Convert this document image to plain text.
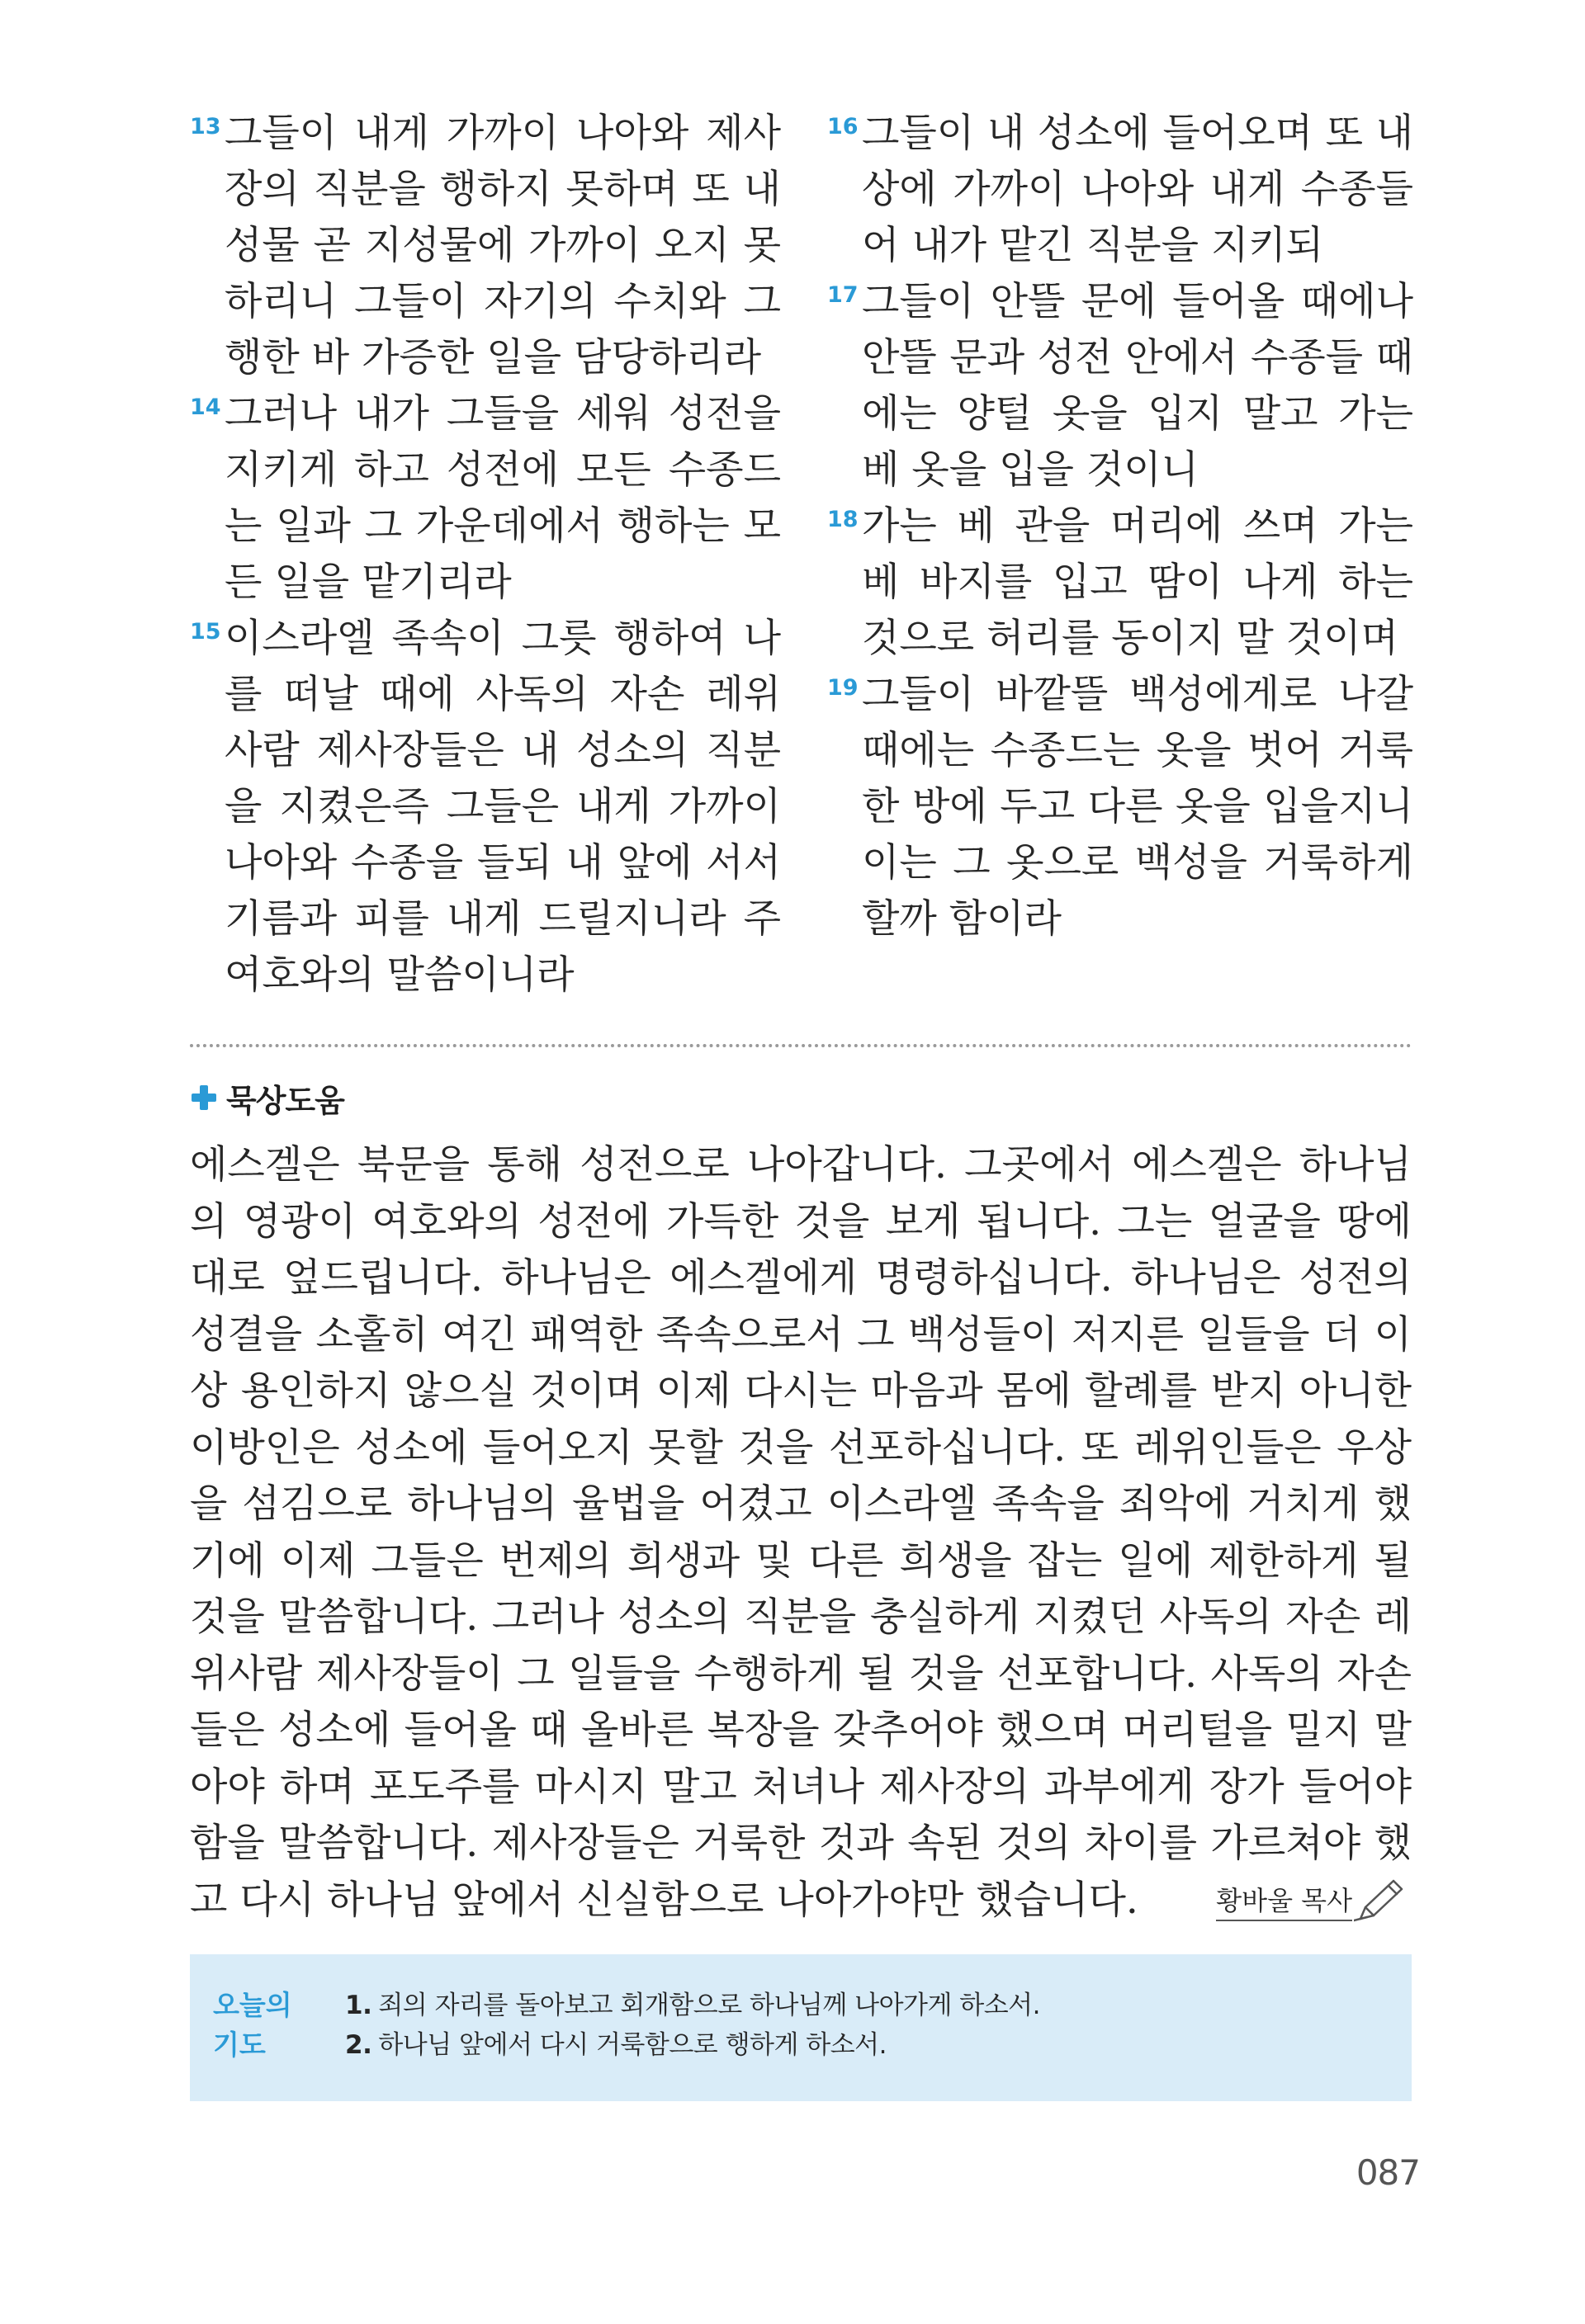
13 그들이 내게 가까이 나아와 제사장의 직분을 행하지 못하며 또 내 성물 곧 지성물에 가까이 오지 못하리니 그들이 자기의 수치와 그 행한 바 가증한 일을 담당하리라
14 그러나 내가 그들을 세워 성전을 지키게 하고 성전에 모든 수종드는 일과 그 가운데에서 행하는 모든 일을 맡기리라
15 이스라엘 족속이 그릇 행하여 나를 떠날 때에 사독의 자손 레위 사람 제사장들은 내 성소의 직분을 지켰은즉 그들은 내게 가까이 나아와 수종을 들되 내 앞에 서서 기름과 피를 내게 드릴지니라 주 여호와의 말씀이니라
16 그들이 내 성소에 들어오며 또 내 상에 가까이 나아와 내게 수종들어 내가 맡긴 직분을 지키되
17 그들이 안뜰 문에 들어올 때에나 안뜰 문과 성전 안에서 수종들 때에는 양털 옷을 입지 말고 가는 베 옷을 입을 것이니
18 가는 베 관을 머리에 쓰며 가는 베 바지를 입고 땀이 나게 하는 것으로 허리를 동이지 말 것이며
19 그들이 바깥뜰 백성에게로 나갈 때에는 수종드는 옷을 벗어 거룩한 방에 두고 다른 옷을 입을지니 이는 그 옷으로 백성을 거룩하게 할까 함이라
묵상도움

에스겔은 북문을 통해 성전으로 나아갑니다. 그곳에서 에스겔은 하나님의 영광이 여호와의 성전에 가득한 것을 보게 됩니다. 그는 얼굴을 땅에 대로 엎드립니다. 하나님은 에스겔에게 명령하십니다. 하나님은 성전의 성결을 소홀히 여긴 패역한 족속으로서 그 백성들이 저지른 일들을 더 이상 용인하지 않으실 것이며 이제 다시는 마음과 몸에 할례를 받지 아니한 이방인은 성소에 들어오지 못할 것을 선포하십니다. 또 레위인들은 우상을 섬김으로 하나님의 율법을 어겼고 이스라엘 족속을 죄악에 거치게 했기에 이제 그들은 번제의 희생과 및 다른 희생을 잡는 일에 제한하게 될 것을 말씀합니다. 그러나 성소의 직분을 충실하게 지켰던 사독의 자손 레위사람 제사장들이 그 일들을 수행하게 될 것을 선포합니다. 사독의 자손들은 성소에 들어올 때 올바른 복장을 갖추어야 했으며 머리털을 밀지 말아야 하며 포도주를 마시지 말고 처녀나 제사장의 과부에게 장가 들어야 함을 말씀합니다. 제사장들은 거룩한 것과 속된 것의 차이를 가르쳐야 했고 다시 하나님 앞에서 신실함으로 나아가야만 했습니다.	황바울 목사
오늘의
기도
1. 죄의 자리를 돌아보고 회개함으로 하나님께 나아가게 하소서.
2. 하나님 앞에서 다시 거룩함으로 행하게 하소서.
087
